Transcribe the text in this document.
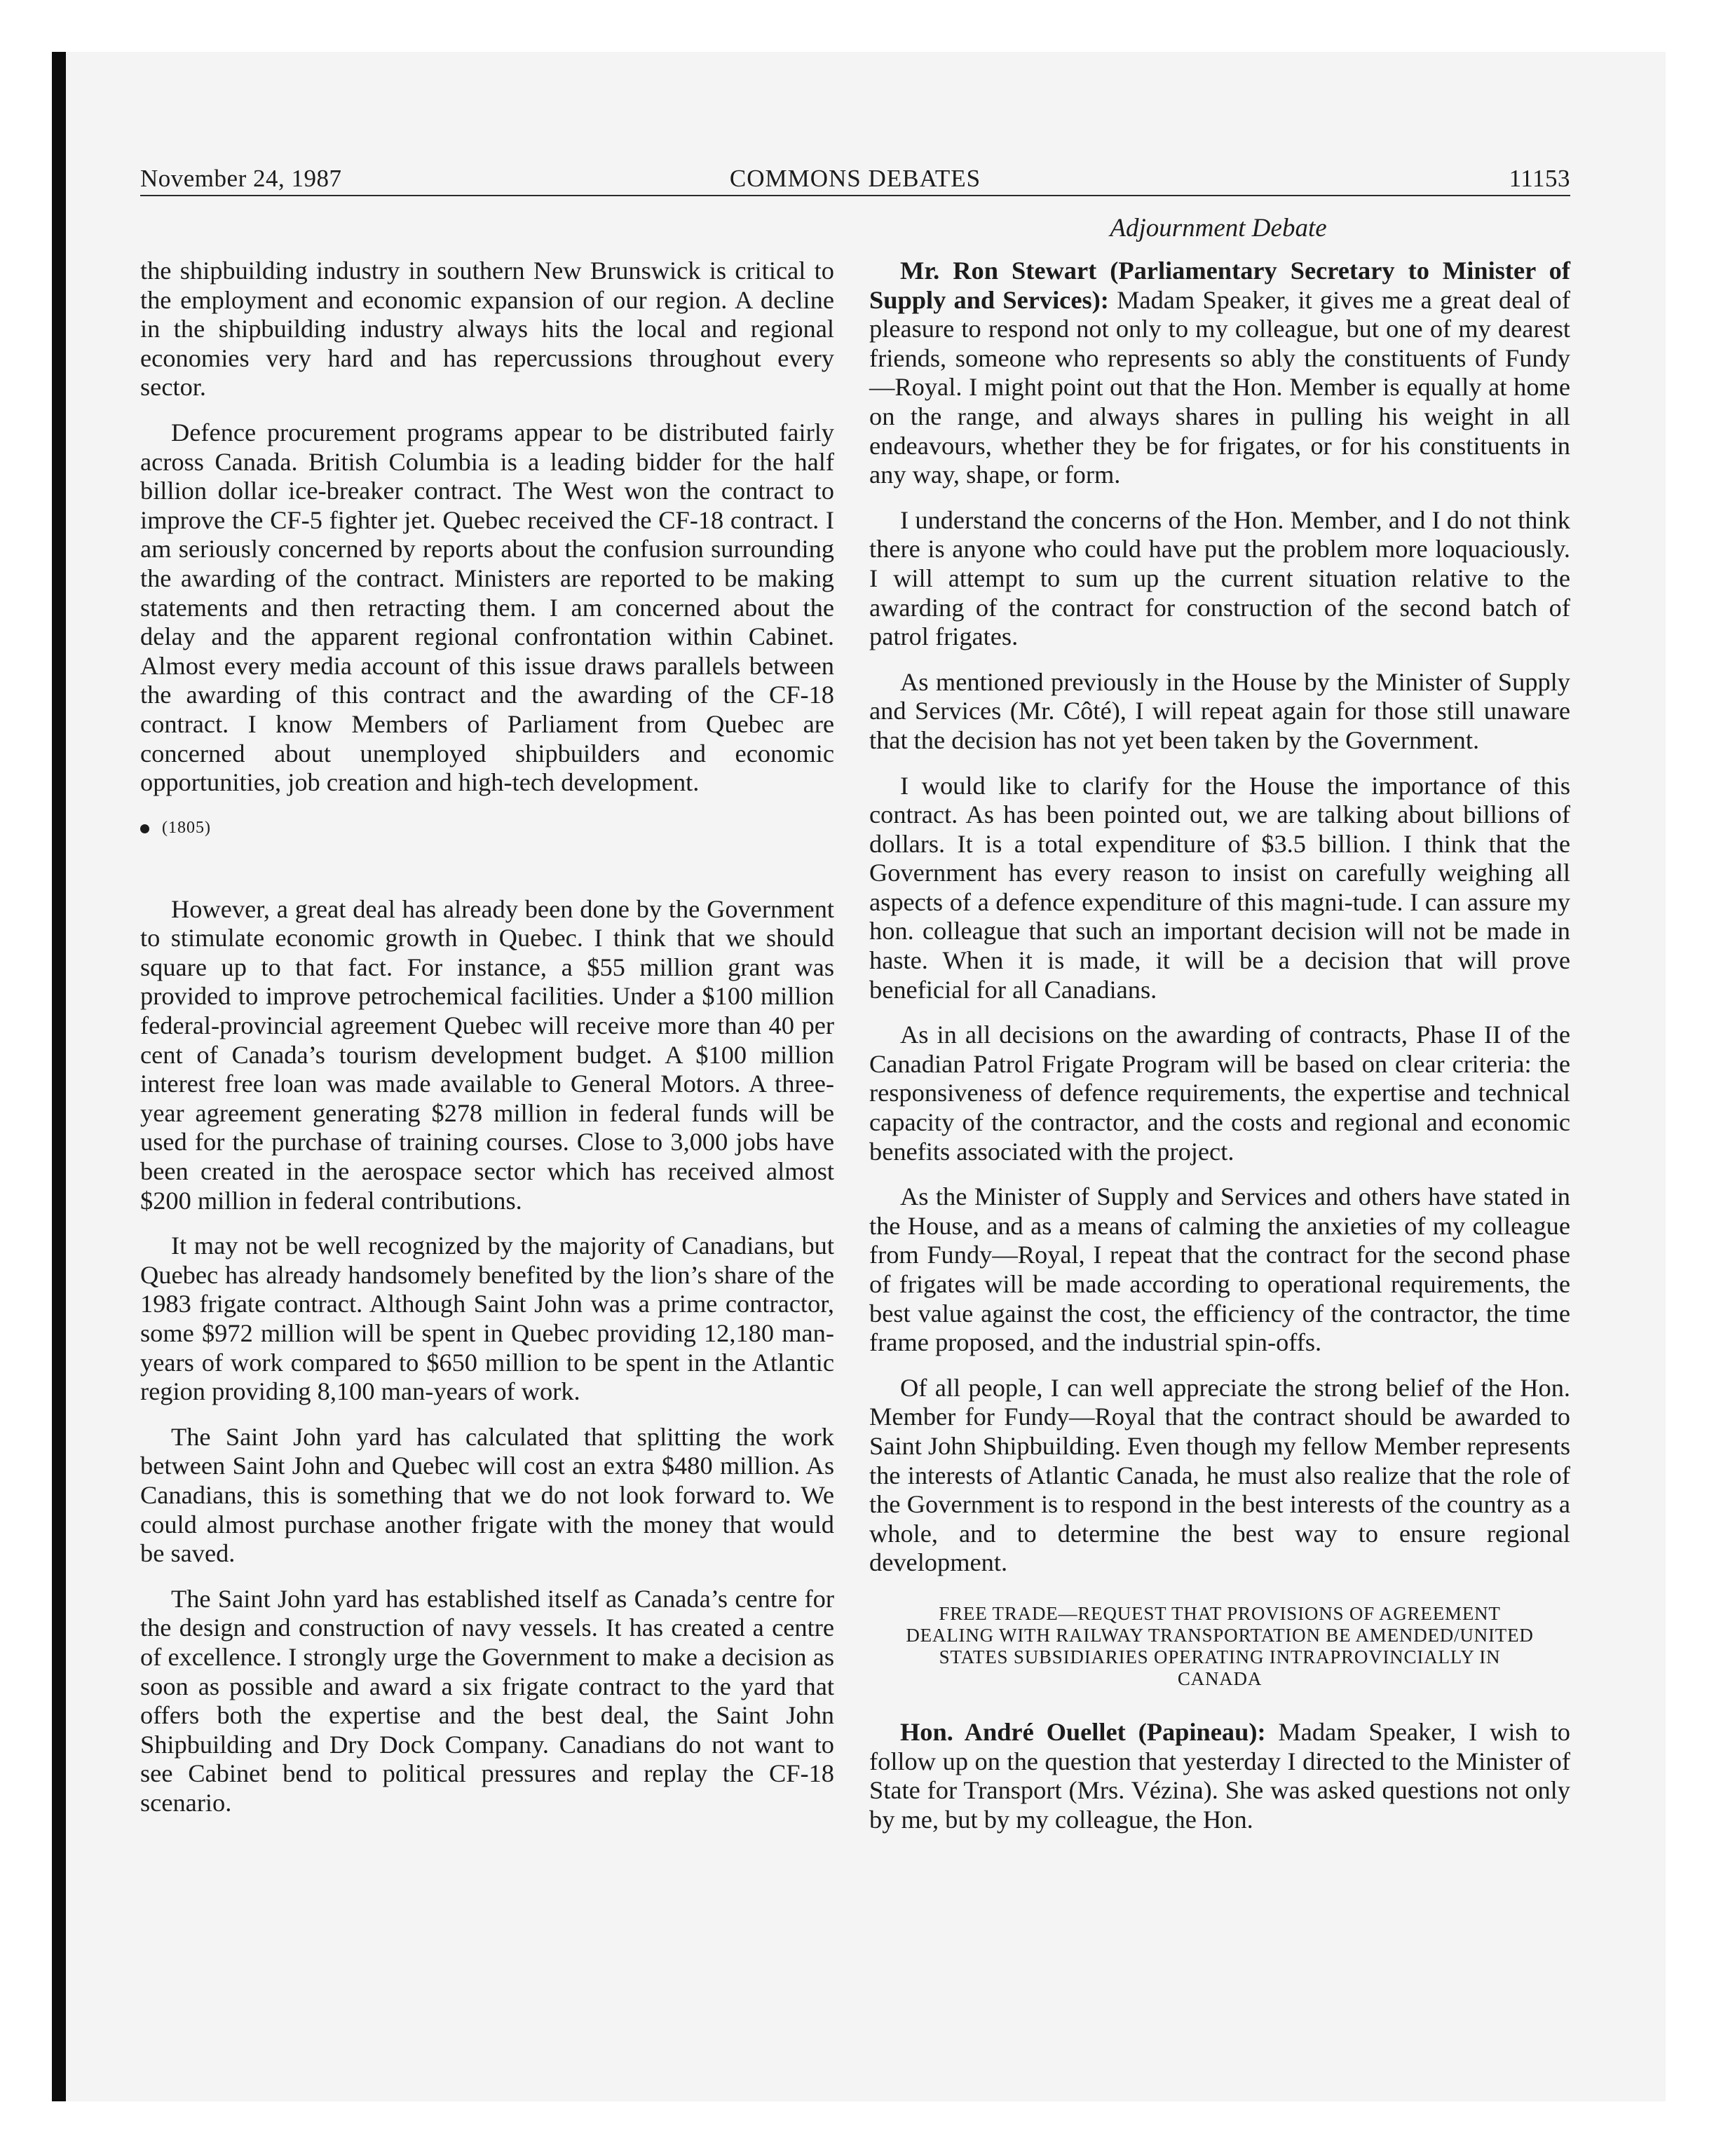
November 24, 1987	COMMONS DEBATES	11153
Adjournment Debate

the shipbuilding industry in southern New Brunswick is critical to the employment and economic expansion of our region. A decline in the shipbuilding industry always hits the local and regional economies very hard and has repercussions throughout every sector.

Defence procurement programs appear to be distributed fairly across Canada. British Columbia is a leading bidder for the half billion dollar ice-breaker contract. The West won the contract to improve the CF-5 fighter jet. Quebec received the CF-18 contract. I am seriously concerned by reports about the confusion surrounding the awarding of the contract. Ministers are reported to be making statements and then retracting them. I am concerned about the delay and the apparent regional confrontation within Cabinet. Almost every media account of this issue draws parallels between the awarding of this contract and the awarding of the CF-18 contract. I know Members of Parliament from Quebec are concerned about unemployed shipbuilders and economic opportunities, job creation and high-tech development.

(1805)

However, a great deal has already been done by the Government to stimulate economic growth in Quebec. I think that we should square up to that fact. For instance, a $55 million grant was provided to improve petrochemical facilities. Under a $100 million federal-provincial agreement Quebec will receive more than 40 per cent of Canada’s tourism development budget. A $100 million interest free loan was made available to General Motors. A three-year agreement generating $278 million in federal funds will be used for the purchase of training courses. Close to 3,000 jobs have been created in the aerospace sector which has received almost $200 million in federal contributions.

It may not be well recognized by the majority of Canadians, but Quebec has already handsomely benefited by the lion’s share of the 1983 frigate contract. Although Saint John was a prime contractor, some $972 million will be spent in Quebec providing 12,180 man-years of work compared to $650 million to be spent in the Atlantic region providing 8,100 man-years of work.

The Saint John yard has calculated that splitting the work between Saint John and Quebec will cost an extra $480 million. As Canadians, this is something that we do not look forward to. We could almost purchase another frigate with the money that would be saved.

The Saint John yard has established itself as Canada’s centre for the design and construction of navy vessels. It has created a centre of excellence. I strongly urge the Government to make a decision as soon as possible and award a six frigate contract to the yard that offers both the expertise and the best deal, the Saint John Shipbuilding and Dry Dock Company. Canadians do not want to see Cabinet bend to political pressures and replay the CF-18 scenario.

Mr. Ron Stewart (Parliamentary Secretary to Minister of Supply and Services): Madam Speaker, it gives me a great deal of pleasure to respond not only to my colleague, but one of my dearest friends, someone who represents so ably the constituents of Fundy—Royal. I might point out that the Hon. Member is equally at home on the range, and always shares in pulling his weight in all endeavours, whether they be for frigates, or for his constituents in any way, shape, or form.

I understand the concerns of the Hon. Member, and I do not think there is anyone who could have put the problem more loquaciously. I will attempt to sum up the current situation relative to the awarding of the contract for construction of the second batch of patrol frigates.

As mentioned previously in the House by the Minister of Supply and Services (Mr. Côté), I will repeat again for those still unaware that the decision has not yet been taken by the Government.

I would like to clarify for the House the importance of this contract. As has been pointed out, we are talking about billions of dollars. It is a total expenditure of $3.5 billion. I think that the Government has every reason to insist on carefully weighing all aspects of a defence expenditure of this magni-tude. I can assure my hon. colleague that such an important decision will not be made in haste. When it is made, it will be a decision that will prove beneficial for all Canadians.

As in all decisions on the awarding of contracts, Phase II of the Canadian Patrol Frigate Program will be based on clear criteria: the responsiveness of defence requirements, the expertise and technical capacity of the contractor, and the costs and regional and economic benefits associated with the project.

As the Minister of Supply and Services and others have stated in the House, and as a means of calming the anxieties of my colleague from Fundy—Royal, I repeat that the contract for the second phase of frigates will be made according to operational requirements, the best value against the cost, the efficiency of the contractor, the time frame proposed, and the industrial spin-offs.

Of all people, I can well appreciate the strong belief of the Hon. Member for Fundy—Royal that the contract should be awarded to Saint John Shipbuilding. Even though my fellow Member represents the interests of Atlantic Canada, he must also realize that the role of the Government is to respond in the best interests of the country as a whole, and to determine the best way to ensure regional development.

FREE TRADE—REQUEST THAT PROVISIONS OF AGREEMENT DEALING WITH RAILWAY TRANSPORTATION BE AMENDED/UNITED STATES SUBSIDIARIES OPERATING INTRAPROVINCIALLY IN CANADA

Hon. André Ouellet (Papineau): Madam Speaker, I wish to follow up on the question that yesterday I directed to the Minister of State for Transport (Mrs. Vézina). She was asked questions not only by me, but by my colleague, the Hon.
